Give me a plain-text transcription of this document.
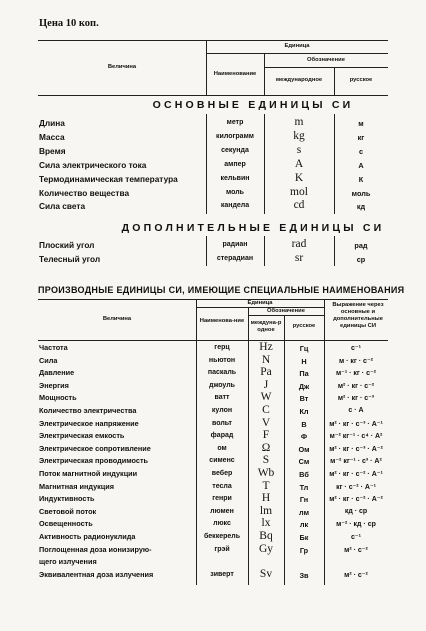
Цена 10 коп.
Величина
Единица
Наименование
Обозначение
международное	русское
ОСНОВНЫЕ ЕДИНИЦЫ СИ
Длина	метр	m	м
Масса	килограмм	kg	кг
Время	секунда	s	с
Сила электрического тока	ампер	A	А
Термодинамическая температура	кельвин	K	К
Количество вещества	моль	mol	моль
Сила света	кандела	cd	кд
ДОПОЛНИТЕЛЬНЫЕ ЕДИНИЦЫ СИ
Плоский угол	радиан	rad	рад
Телесный угол	стерадиан	sr	ср
ПРОИЗВОДНЫЕ ЕДИНИЦЫ СИ, ИМЕЮЩИЕ СПЕЦИАЛЬНЫЕ НАИМЕНОВАНИЯ
Величина
Единица
Наименова-ние
Обозначение
междуна-родное
русское
Выражение через основные и дополнительные единицы СИ
Частота	герц	Hz	Гц	с⁻¹
Сила	ньютон	N	Н	м · кг · с⁻²
Давление	паскаль	Pa	Па	м⁻¹ · кг · с⁻²
Энергия	джоуль	J	Дж	м² · кг · с⁻²
Мощность	ватт	W	Вт	м² · кг · с⁻³
Количество электричества	кулон	C	Кл	с · А
Электрическое напряжение	вольт	V	В	м² · кг · с⁻³ · А⁻¹
Электрическая емкость	фарад	F	Ф	м⁻² кг⁻¹ · с⁴ · А²
Электрическое сопротивление	ом	Ω	Ом	м² · кг · с⁻³ · А⁻²
Электрическая проводимость	сименс	S	См	м⁻² кг⁻¹ · с³ · А²
Поток магнитной индукции	вебер	Wb	Вб	м² · кг · с⁻² · А⁻¹
Магнитная индукция	тесла	T	Тл	кг · с⁻² · А⁻¹
Индуктивность	генри	H	Гн	м² · кг · с⁻² · А⁻²
Световой поток	люмен	lm	лм	кд · ср
Освещенность	люкс	lx	лк	м⁻² · кд · ср
Активность радионуклида	беккерель	Bq	Бк	с⁻¹
Поглощенная доза ионизирую-	грэй	Gy	Гр	м² · с⁻²
щего излучения
Эквивалентная доза излучения	зиверт	Sv	Зв	м² · с⁻²
